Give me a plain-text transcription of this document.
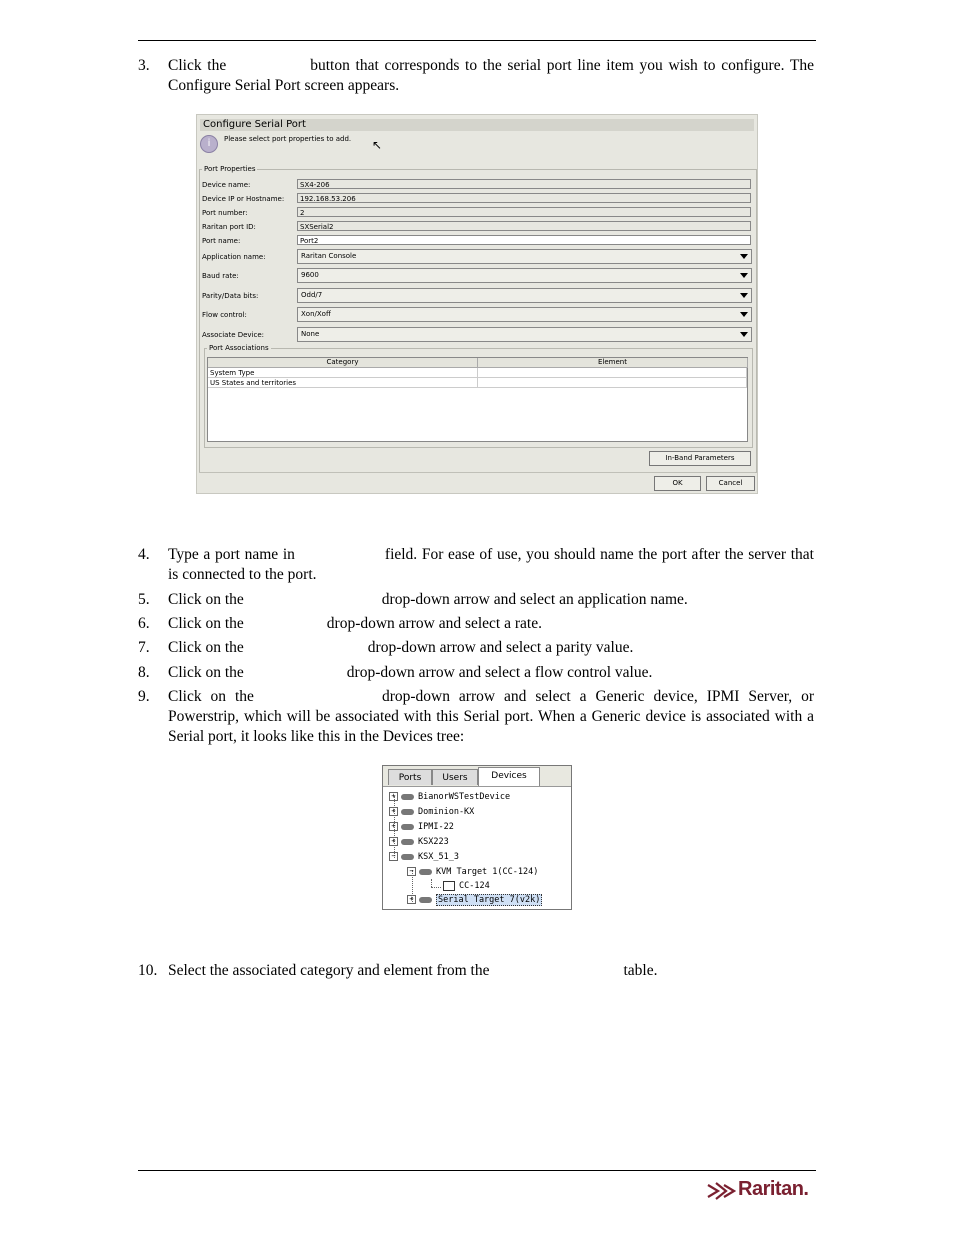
3.	Click the	button that corresponds to the serial port line item you wish to configure. The Configure Serial Port screen appears.
Configure Serial Port
i	Please select port properties to add. ↖
Port Properties
Device name:	SX4-206
Device IP or Hostname:	192.168.53.206
Port number:	2
Raritan port ID:	SXSerial2
Port name:	Port2
Application name:	Raritan Console
Baud rate:	9600
Parity/Data bits:	Odd/7
Flow control:	Xon/Xoff
Associate Device:	None
Port Associations
Category	Element
System Type
US States and territories
In-Band Parameters
OK	Cancel
4.	Type a port name in	field. For ease of use, you should name the port after the server that is connected to the port.
5.	Click on the	drop-down arrow and select an application name.
6.	Click on the	drop-down arrow and select a rate.
7.	Click on the	drop-down arrow and select a parity value.
8.	Click on the	drop-down arrow and select a flow control value.
9.	Click on the	drop-down arrow and select a Generic device, IPMI Server, or Powerstrip, which will be associated with this Serial port. When a Generic device is associated with a Serial port, it looks like this in the Devices tree:
Ports	Users	Devices
+	BianorWSTestDevice
+	Dominion-KX
+	IPMI-22
+	KSX223
−	KSX_51_3
−	KVM Target 1(CC-124)
CC-124
+	Serial Target 7(v2k)
10. Select the associated category and element from the	table.
Raritan.
